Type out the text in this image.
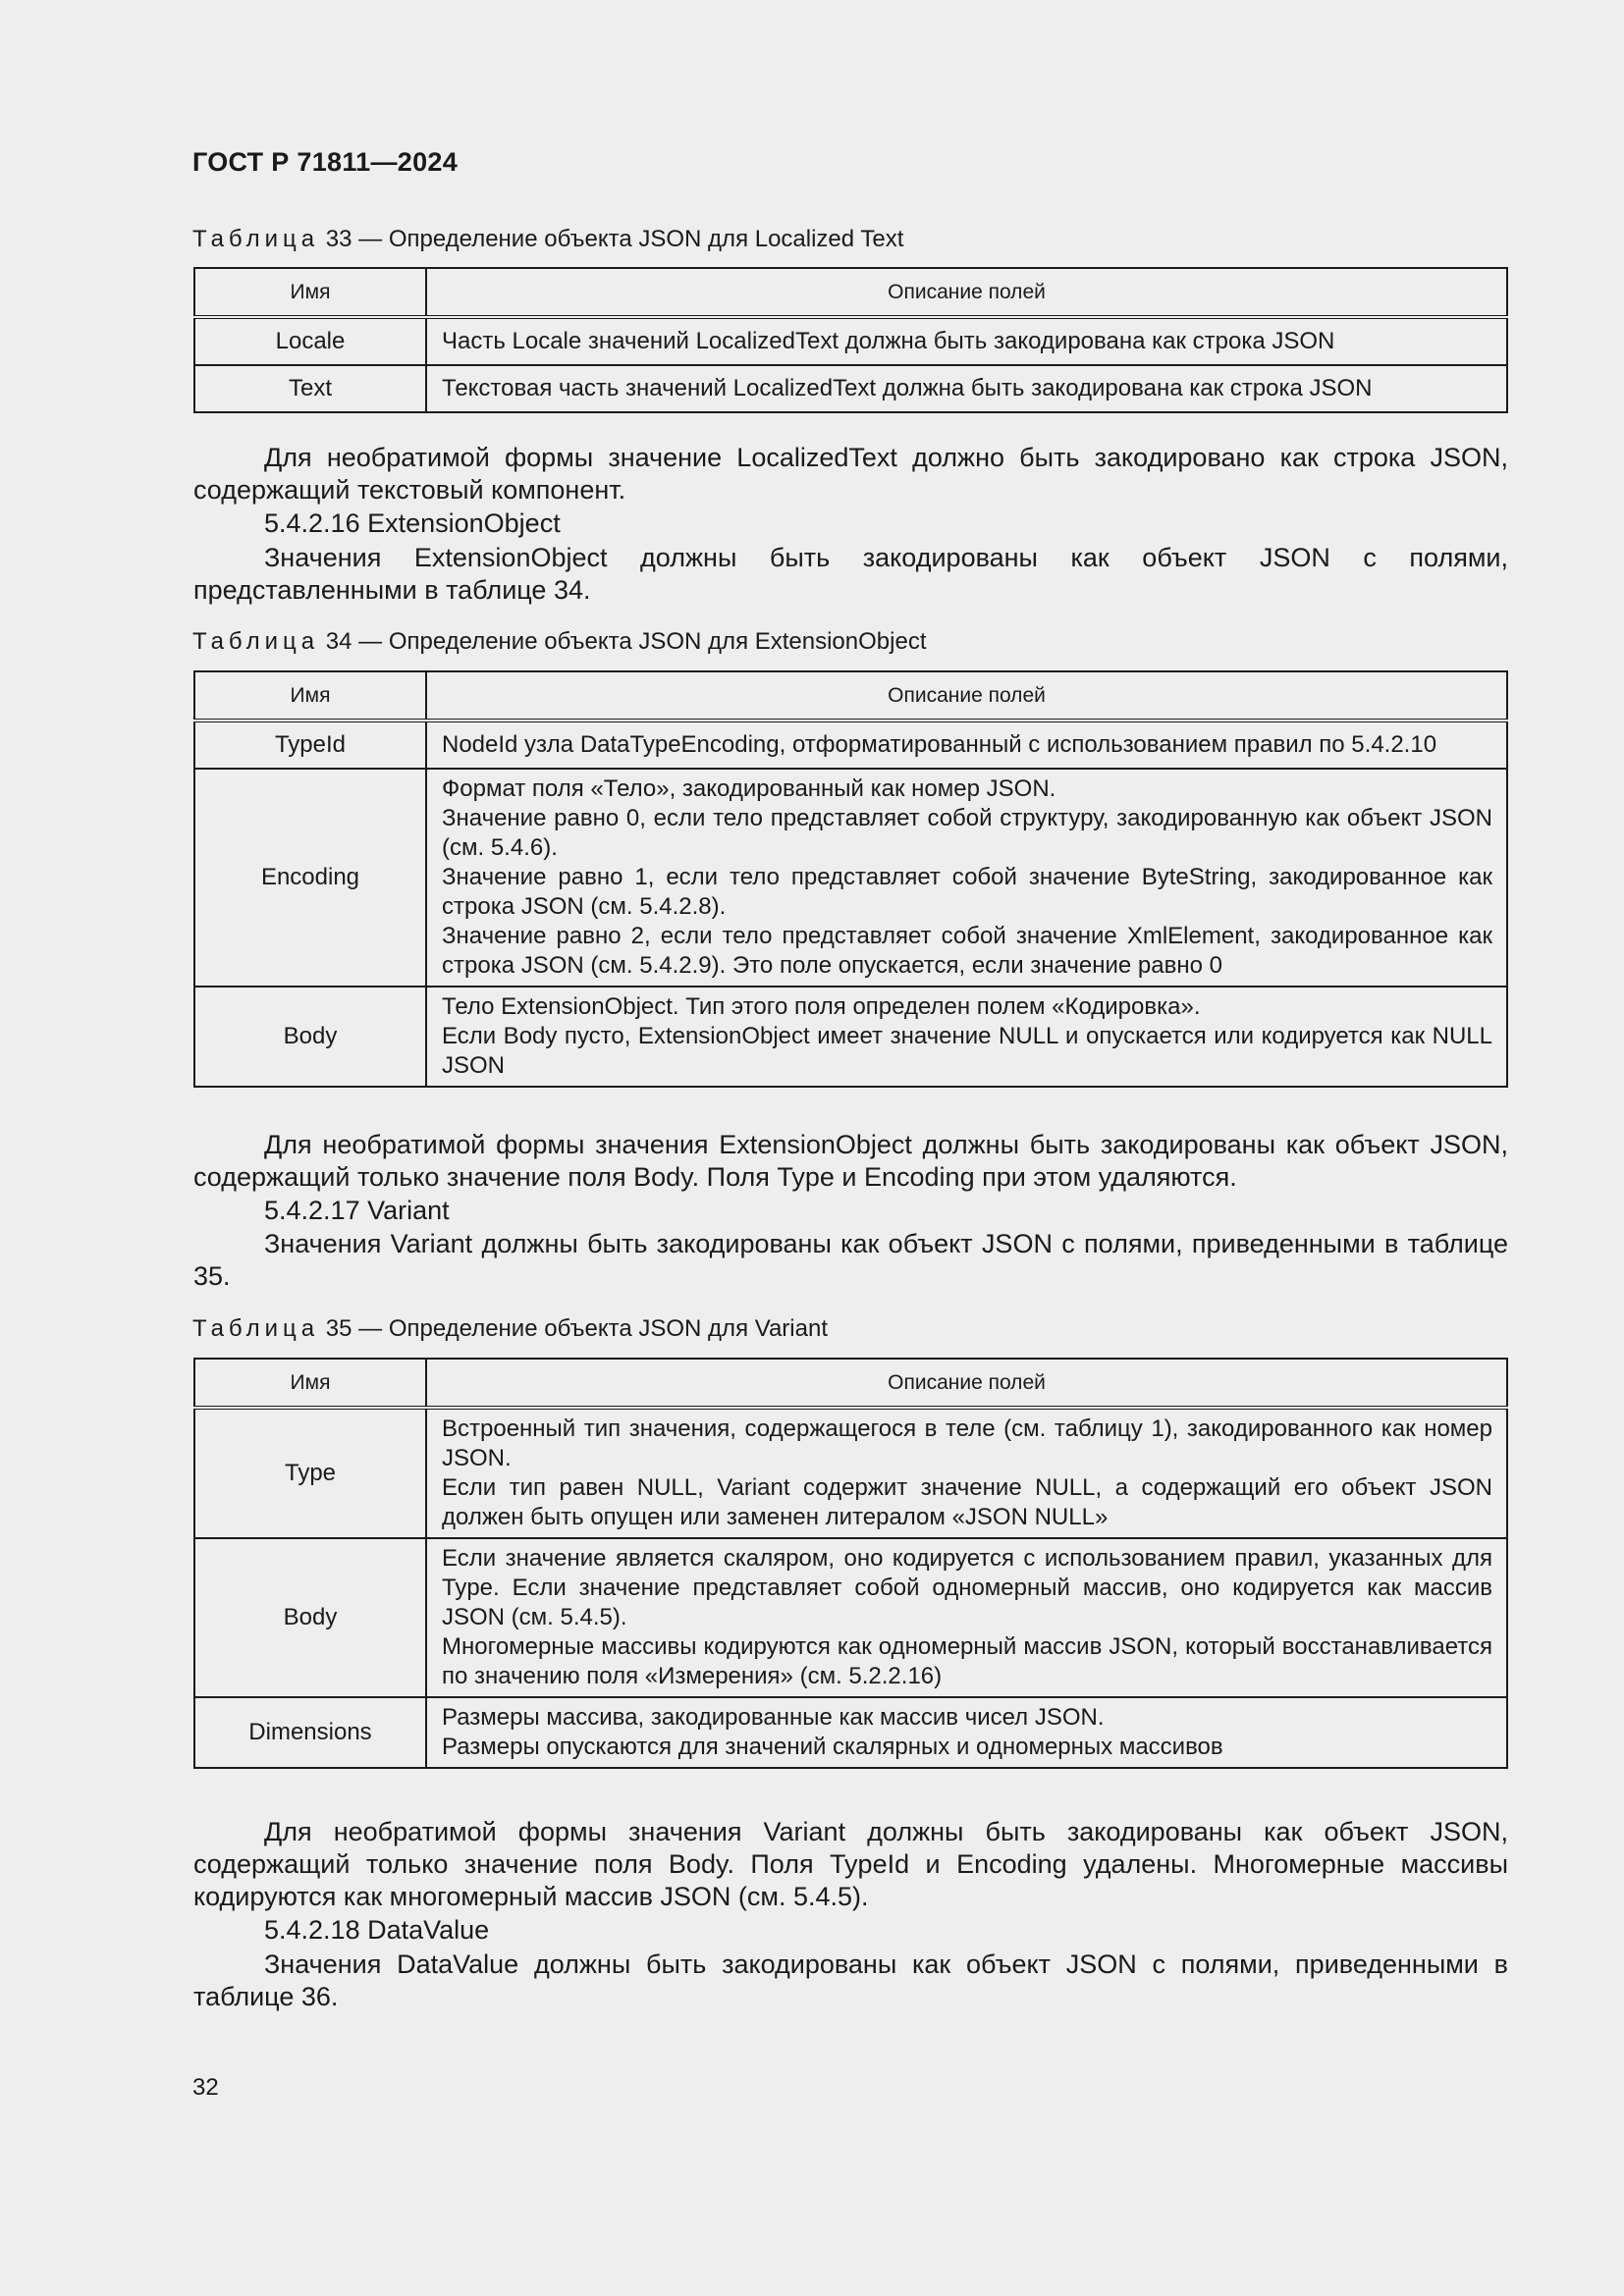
ГОСТ Р 71811—2024
Таблица 33 — Определение объекта JSON для Localized Text
Имя	Описание полей
Locale	Часть Locale значений LocalizedText должна быть закодирована как строка JSON

Text	Текстовая часть значений LocalizedText должна быть закодирована как строка JSON
Для необратимой формы значение LocalizedText должно быть закодировано как строка JSON, содержащий текстовый компонент.
5.4.2.16 ExtensionObject
Значения ExtensionObject должны быть закодированы как объект JSON с полями, представленными в таблице 34.
Таблица 34 — Определение объекта JSON для ExtensionObject
Имя	Описание полей
TypeId	NodeId узла DataTypeEncoding, отформатированный с использованием правил по 5.4.2.10

Encoding	Формат поля «Тело», закодированный как номер JSON.
Значение равно 0, если тело представляет собой структуру, закодированную как объект JSON (см. 5.4.6).
Значение равно 1, если тело представляет собой значение ByteString, закодированное как строка JSON (см. 5.4.2.8).
Значение равно 2, если тело представляет собой значение XmlElement, закодированное как строка JSON (см. 5.4.2.9). Это поле опускается, если значение равно 0

Body	Тело ExtensionObject. Тип этого поля определен полем «Кодировка».
Если Body пусто, ExtensionObject имеет значение NULL и опускается или кодируется как NULL JSON
Для необратимой формы значения ExtensionObject должны быть закодированы как объект JSON, содержащий только значение поля Body. Поля Type и Encoding при этом удаляются.
5.4.2.17 Variant
Значения Variant должны быть закодированы как объект JSON с полями, приведенными в таблице 35.
Таблица 35 — Определение объекта JSON для Variant
Имя	Описание полей
Type	Встроенный тип значения, содержащегося в теле (см. таблицу 1), закодированного как номер JSON.
Если тип равен NULL, Variant содержит значение NULL, а содержащий его объект JSON должен быть опущен или заменен литералом «JSON NULL»

Body	Если значение является скаляром, оно кодируется с использованием правил, указанных для Type. Если значение представляет собой одномерный массив, оно кодируется как массив JSON (см. 5.4.5).
Многомерные массивы кодируются как одномерный массив JSON, который восстанавливается по значению поля «Измерения» (см. 5.2.2.16)

Dimensions	Размеры массива, закодированные как массив чисел JSON.
Размеры опускаются для значений скалярных и одномерных массивов
Для необратимой формы значения Variant должны быть закодированы как объект JSON, содержащий только значение поля Body. Поля TypeId и Encoding удалены. Многомерные массивы кодируются как многомерный массив JSON (см. 5.4.5).
5.4.2.18 DataValue
Значения DataValue должны быть закодированы как объект JSON с полями, приведенными в таблице 36.
32
